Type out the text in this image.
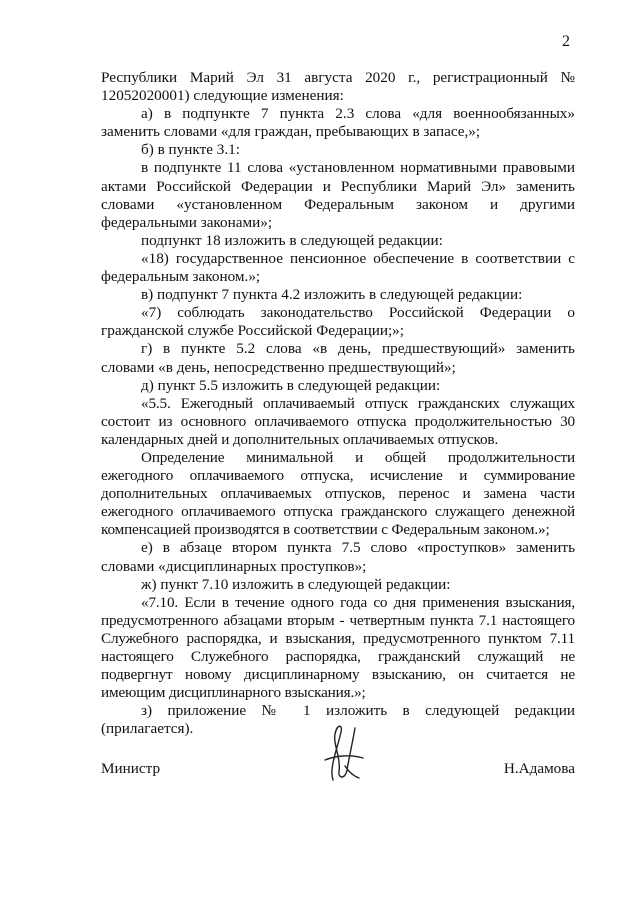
2

Республики Марий Эл 31 августа 2020 г., регистрационный № 12052020001) следующие изменения:

а) в подпункте 7 пункта 2.3 слова «для военнообязанных» заменить словами «для граждан, пребывающих в запасе,»;

б) в пункте 3.1:

в подпункте 11 слова «установленном нормативными правовыми актами Российской Федерации и Республики Марий Эл» заменить словами «установленном Федеральным законом и другими федеральными законами»;

подпункт 18 изложить в следующей редакции:

«18) государственное пенсионное обеспечение в соответствии с федеральным законом.»;

в) подпункт 7 пункта 4.2 изложить в следующей редакции:

«7) соблюдать законодательство Российской Федерации о гражданской службе Российской Федерации;»;

г) в пункте 5.2 слова «в день, предшествующий» заменить словами «в день, непосредственно предшествующий»;

д) пункт 5.5 изложить в следующей редакции:

«5.5. Ежегодный оплачиваемый отпуск гражданских служащих состоит из основного оплачиваемого отпуска продолжительностью 30 календарных дней и дополнительных оплачиваемых отпусков.

Определение минимальной и общей продолжительности ежегодного оплачиваемого отпуска, исчисление и суммирование дополнительных оплачиваемых отпусков, перенос и замена части ежегодного оплачиваемого отпуска гражданского служащего денежной компенсацией производятся в соответствии с Федеральным законом.»;

е) в абзаце втором пункта 7.5 слово «проступков» заменить словами «дисциплинарных проступков»;

ж) пункт 7.10 изложить в следующей редакции:

«7.10. Если в течение одного года со дня применения взыскания, предусмотренного абзацами вторым - четвертным пункта 7.1 настоящего Служебного распорядка, и взыскания, предусмотренного пунктом 7.11 настоящего Служебного распорядка, гражданский служащий не подвергнут новому дисциплинарному взысканию, он считается не имеющим дисциплинарного взыскания.»;

з) приложение № 1 изложить в следующей редакции (прилагается).

Министр	Н.Адамова
